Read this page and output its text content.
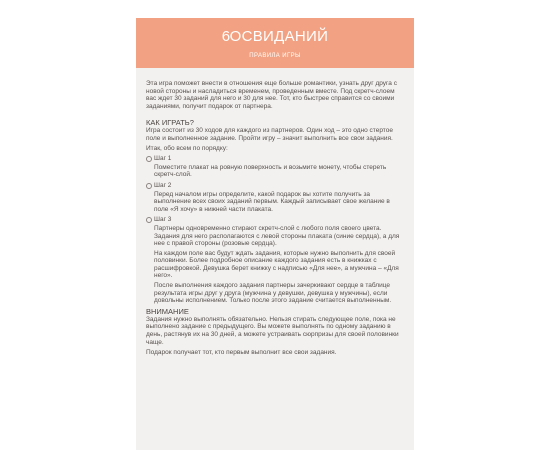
6ОСВИДАНИЙ
ПРАВИЛА ИГРЫ

Эта игра поможет внести в отношения еще больше романтики, узнать друг друга с новой стороны и насладиться временем, проведенным вместе. Под скретч-слоем вас ждет 30 заданий для него и 30 для нее. Тот, кто быстрее справится со своими заданиями, получит подарок от партнера.

КАК ИГРАТЬ?

Игра состоит из 30 ходов для каждого из партнеров. Один ход – это одно стертое поле и выполненное задание. Пройти игру – значит выполнить все свои задания.

Итак, обо всем по порядку:

Шаг 1

Поместите плакат на ровную поверхность и возьмите монету, чтобы стереть скретч-слой.

Шаг 2

Перед началом игры определите, какой подарок вы хотите получить за выполнение всех своих заданий первым. Каждый записывает свое желание в поле «Я хочу» в нижней части плаката.

Шаг 3

Партнеры одновременно стирают скретч-слой с любого поля своего цвета. Задания для него располагаются с левой стороны плаката (синие сердца), а для нее с правой стороны (розовые сердца).

На каждом поле вас будут ждать задания, которые нужно выполнить для своей половинки. Более подробное описание каждого задания есть в книжках с расшифровкой. Девушка берет книжку с надписью «Для нее», а мужчина – «Для него».

После выполнения каждого задания партнеры зачеркивают сердце в таблице результата игры друг у друга (мужчина у девушки, девушка у мужчины), если довольны исполнением. Только после этого задание считается выполненным.

ВНИМАНИЕ

Задания нужно выполнять обязательно. Нельзя стирать следующее поле, пока не выполнено задание с предыдущего. Вы можете выполнять по одному заданию в день, растянув их на 30 дней, а можете устраивать сюрпризы для своей половинки чаще.

Подарок получает тот, кто первым выполнит все свои задания.
